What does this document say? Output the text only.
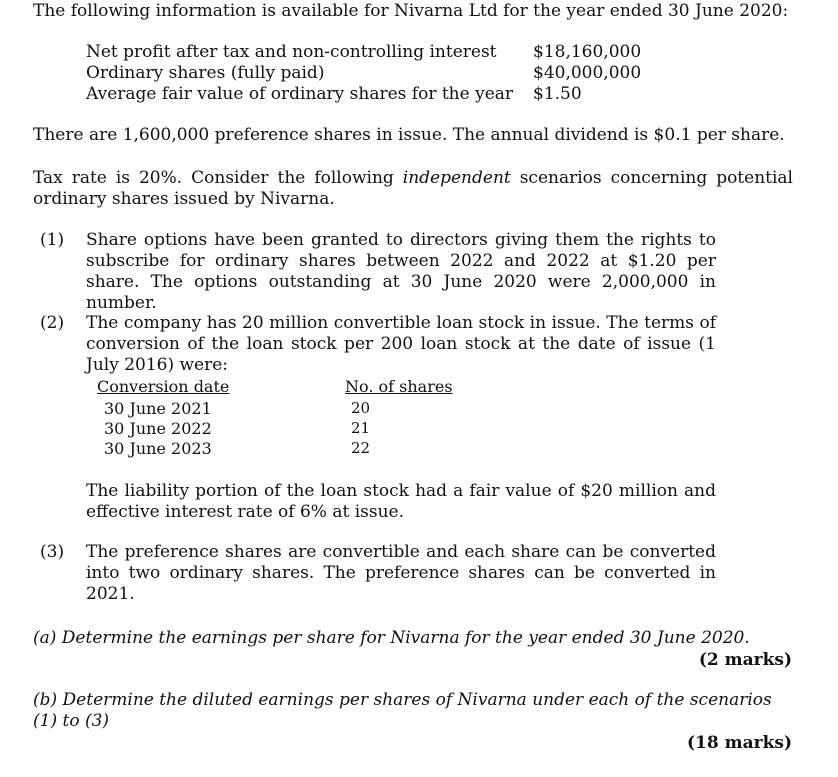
The following information is available for Nivarna Ltd for the year ended 30 June 2020:

Net profit after tax and non-controlling interest $18,160,000
Ordinary shares (fully paid)	$40,000,000
Average fair value of ordinary shares for the year $1.50

There are 1,600,000 preference shares in issue. The annual dividend is $0.1 per share.

Tax rate is 20%. Consider the following independent scenarios concerning potential ordinary shares issued by Nivarna.

(1) Share options have been granted to directors giving them the rights to subscribe for ordinary shares between 2022 and 2022 at $1.20 per share. The options outstanding at 30 June 2020 were 2,000,000 in number.

(2) The company has 20 million convertible loan stock in issue. The terms of conversion of the loan stock per 200 loan stock at the date of issue (1 July 2016) were:

Conversion date	No. of shares
30 June 2021	20
30 June 2022	21
30 June 2023	22

The liability portion of the loan stock had a fair value of $20 million and effective interest rate of 6% at issue.

(3) The preference shares are convertible and each share can be converted into two ordinary shares. The preference shares can be converted in 2021.

(a) Determine the earnings per share for Nivarna for the year ended 30 June 2020.

(2 marks)

(b) Determine the diluted earnings per shares of Nivarna under each of the scenarios (1) to (3)

(18 marks)
